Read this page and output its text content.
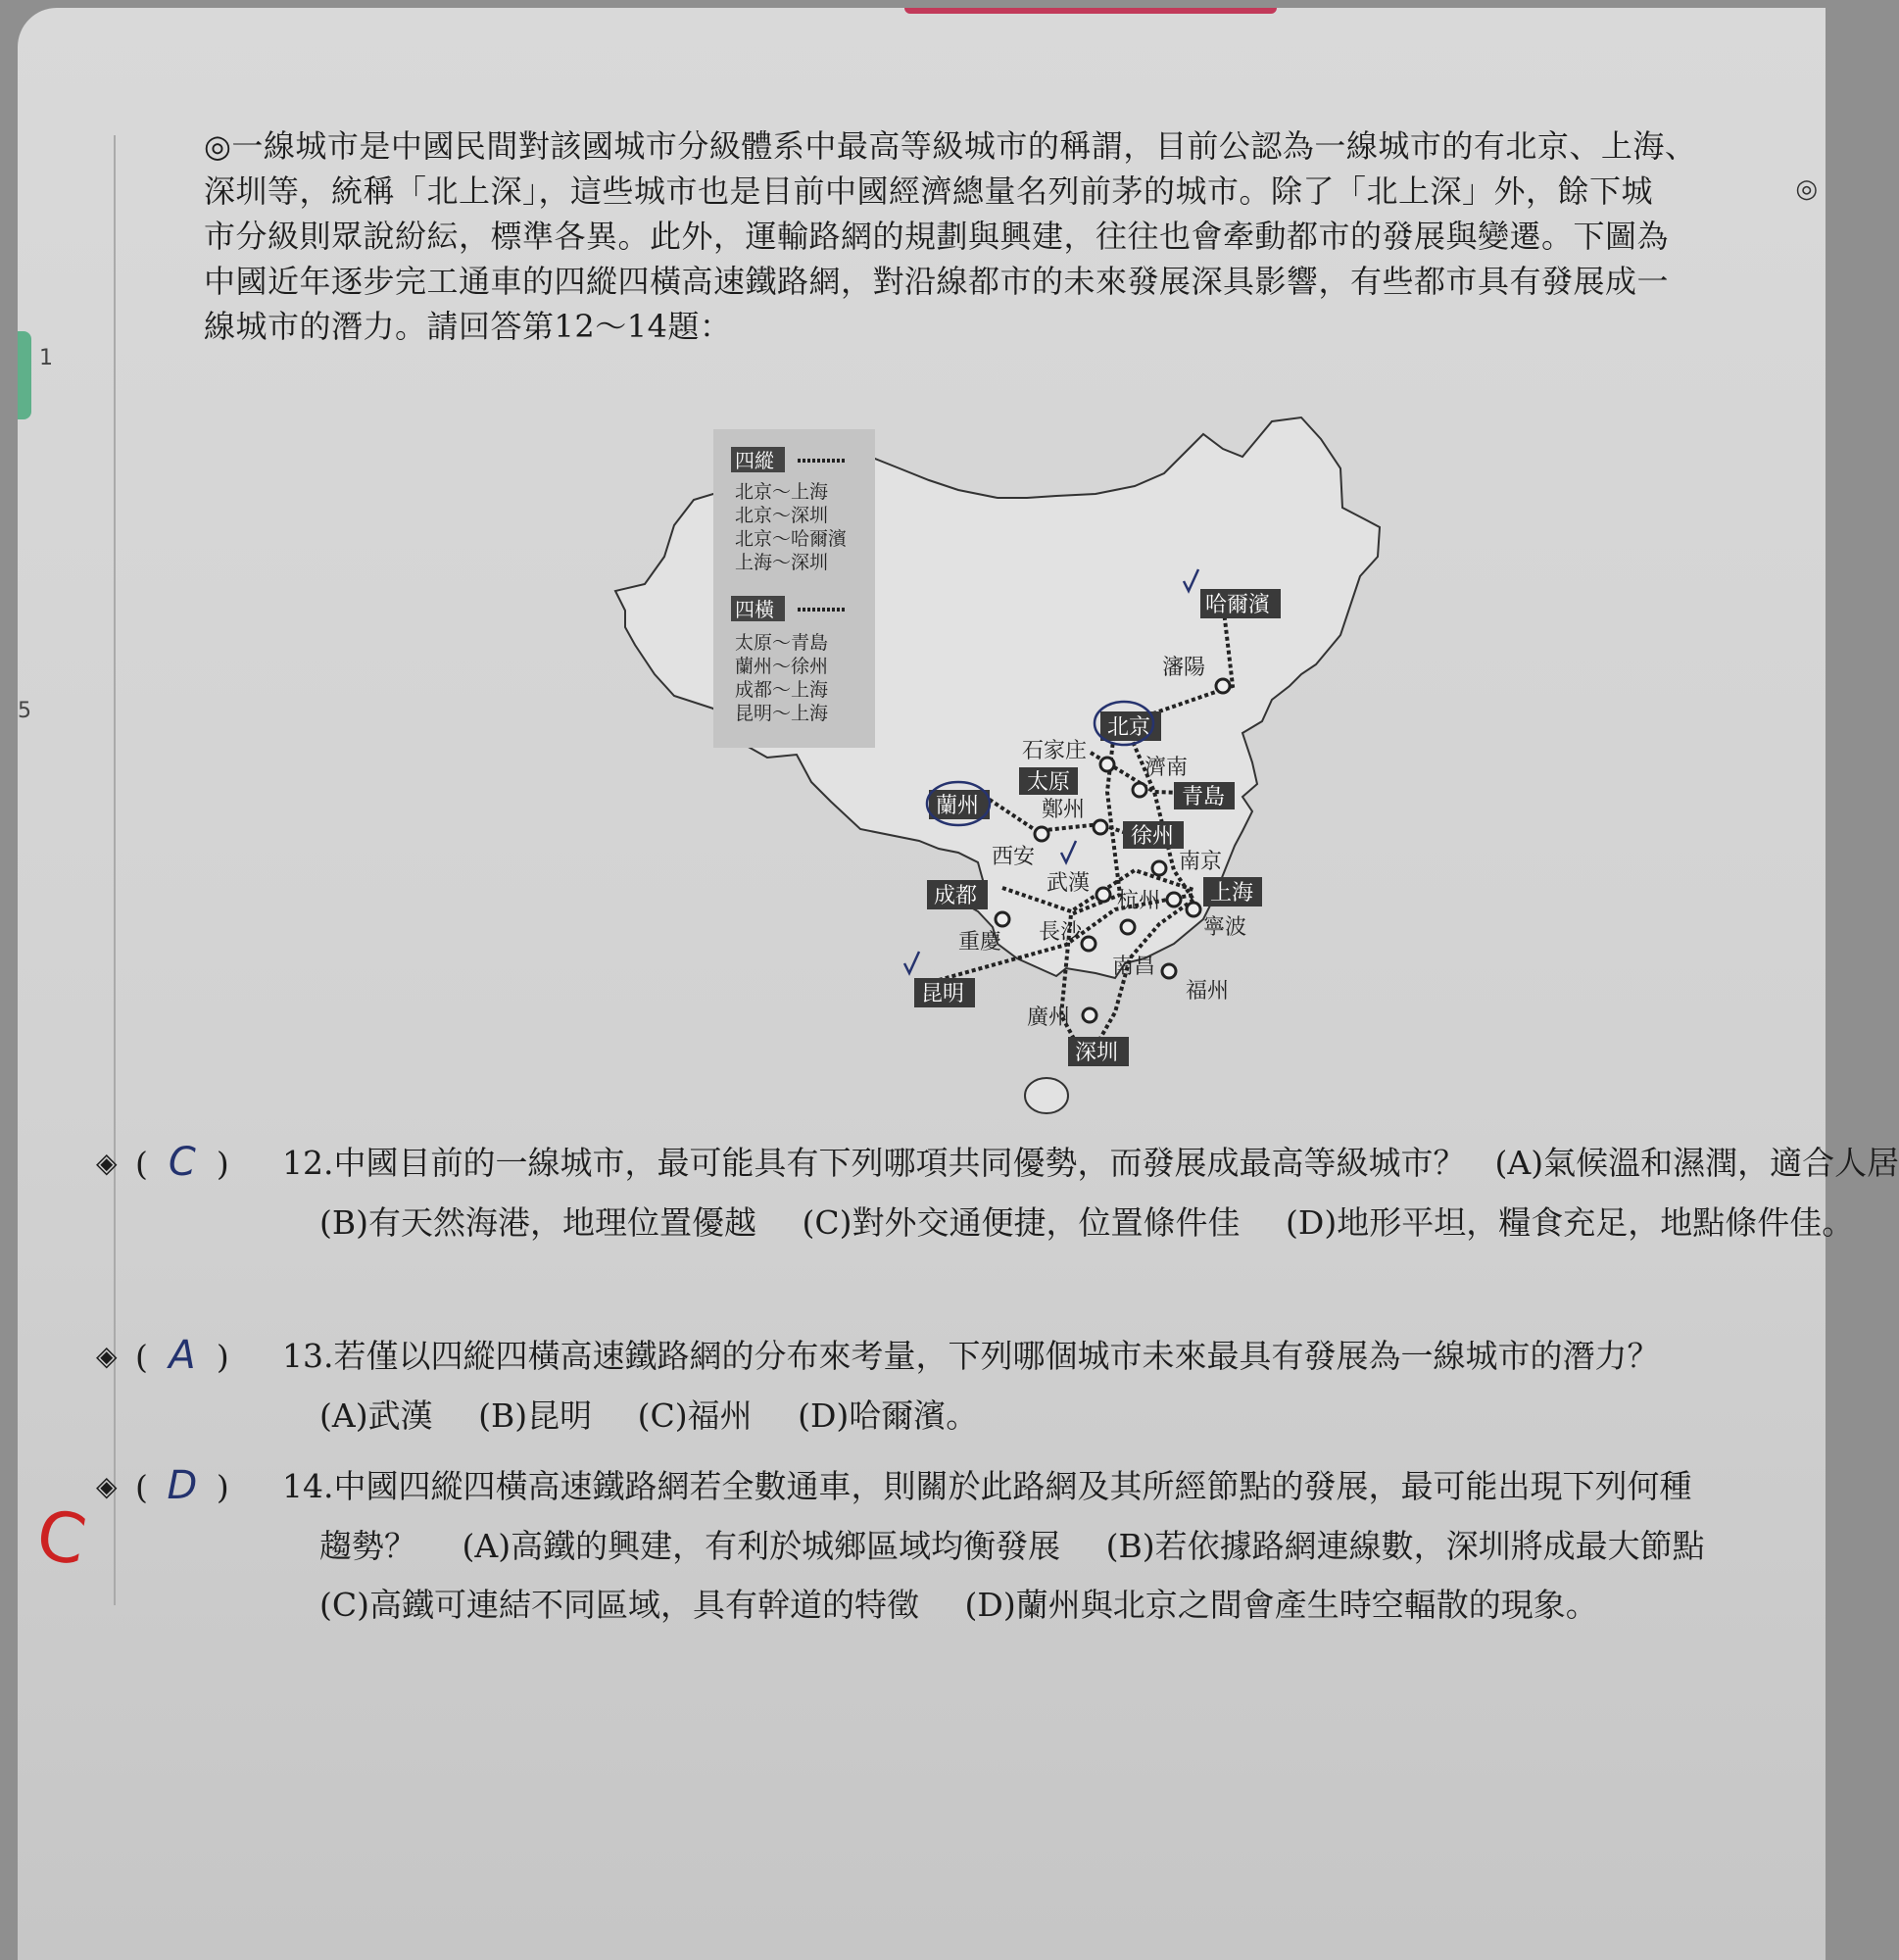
1
5
◎
◎一線城市是中國民間對該國城市分級體系中最高等級城市的稱謂，目前公認為一線城市的有北京、上海、
深圳等，統稱「北上深」，這些城市也是目前中國經濟總量名列前茅的城市。除了「北上深」外，餘下城
市分級則眾說紛紜，標準各異。此外，運輸路網的規劃與興建，往往也會牽動都市的發展與變遷。下圖為
中國近年逐步完工通車的四縱四橫高速鐵路網，對沿線都市的未來發展深具影響，有些都市具有發展成一
線城市的潛力。請回答第12～14題：
四縱
北京～上海
北京～深圳
北京～哈爾濱
上海～深圳
四橫
太原～青島
蘭州～徐州
成都～上海
昆明～上海
哈爾濱
北京
太原
青島
蘭州
徐州
成都	上海
昆明
深圳
瀋陽
石家庄
濟南
鄭州
西安	南京
武漢
杭州
寧波
重慶 長沙
南昌
福州
廣州
◈ ( C )	12. 中國目前的一線城市，最可能具有下列哪項共同優勢，而發展成最高等級城市？ (A)氣候溫和濕潤，適合人居
(B)有天然海港，地理位置優越 (C)對外交通便捷，位置條件佳 (D)地形平坦，糧食充足，地點條件佳。
◈ ( A )	13. 若僅以四縱四橫高速鐵路網的分布來考量，下列哪個城市未來最具有發展為一線城市的潛力？
(A)武漢 (B)昆明 (C)福州 (D)哈爾濱。
◈ ( D )	14. 中國四縱四橫高速鐵路網若全數通車，則關於此路網及其所經節點的發展，最可能出現下列何種
趨勢？ (A)高鐵的興建，有利於城鄉區域均衡發展 (B)若依據路網連線數，深圳將成最大節點
(C)高鐵可連結不同區域，具有幹道的特徵 (D)蘭州與北京之間會產生時空輻散的現象。
C
